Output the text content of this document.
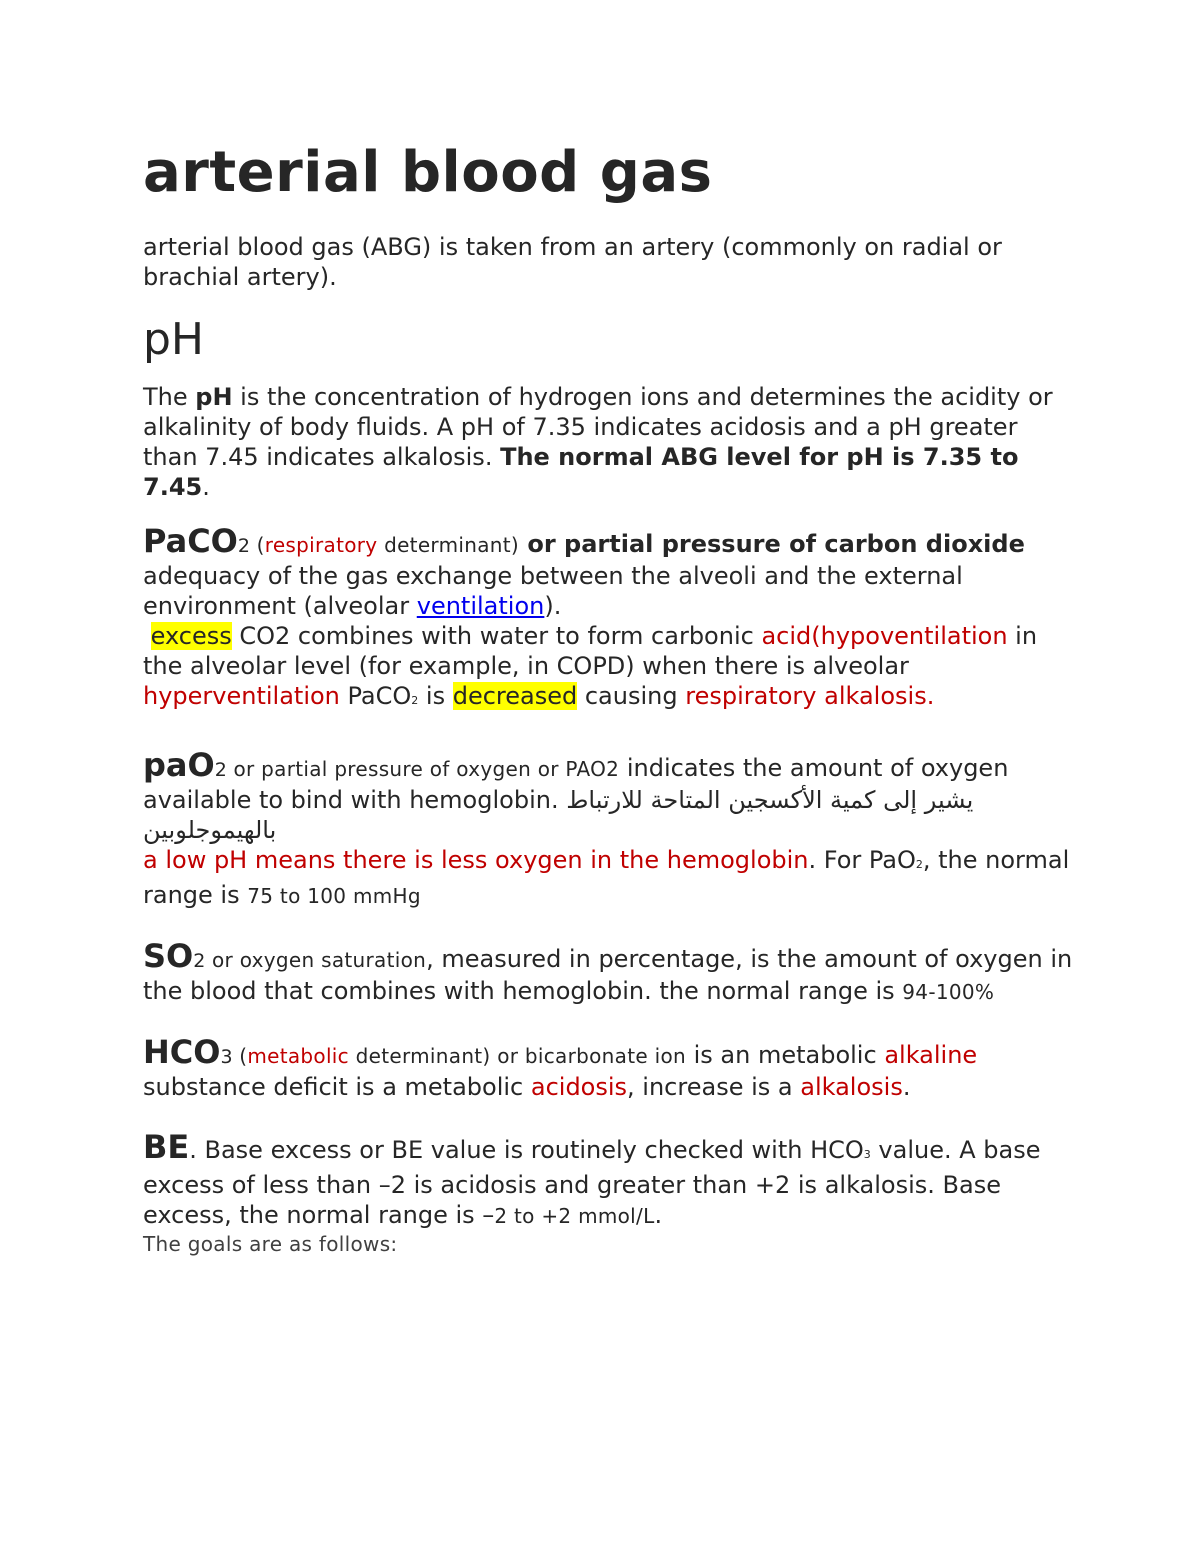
arterial blood gas

arterial blood gas (ABG) is taken from an artery (commonly on radial or brachial artery).

pH

The pH is the concentration of hydrogen ions and determines the acidity or alkalinity of body fluids. A pH of 7.35 indicates acidosis and a pH greater than 7.45 indicates alkalosis. The normal ABG level for pH is 7.35 to 7.45.

PaCO2 (respiratory determinant) or partial pressure of carbon dioxide adequacy of the gas exchange between the alveoli and the external environment (alveolar ventilation).
excess CO2 combines with water to form carbonic acid(hypoventilation in the alveolar level (for example, in COPD) when there is alveolar hyperventilation PaCO2 is decreased causing respiratory alkalosis.

paO2 or partial pressure of oxygen or PAO2 indicates the amount of oxygen available to bind with hemoglobin. يشير إلى كمية الأكسجين المتاحة للارتباط بالهيموجلوبين
a low pH means there is less oxygen in the hemoglobin. For PaO2, the normal range is 75 to 100 mmHg

SO2 or oxygen saturation, measured in percentage, is the amount of oxygen in the blood that combines with hemoglobin. the normal range is 94-100%

HCO3 (metabolic determinant) or bicarbonate ion is an metabolic alkaline substance deficit is a metabolic acidosis, increase is a alkalosis.

BE. Base excess or BE value is routinely checked with HCO3 value. A base excess of less than –2 is acidosis and greater than +2 is alkalosis. Base excess, the normal range is –2 to +2 mmol/L.

The goals are as follows:
